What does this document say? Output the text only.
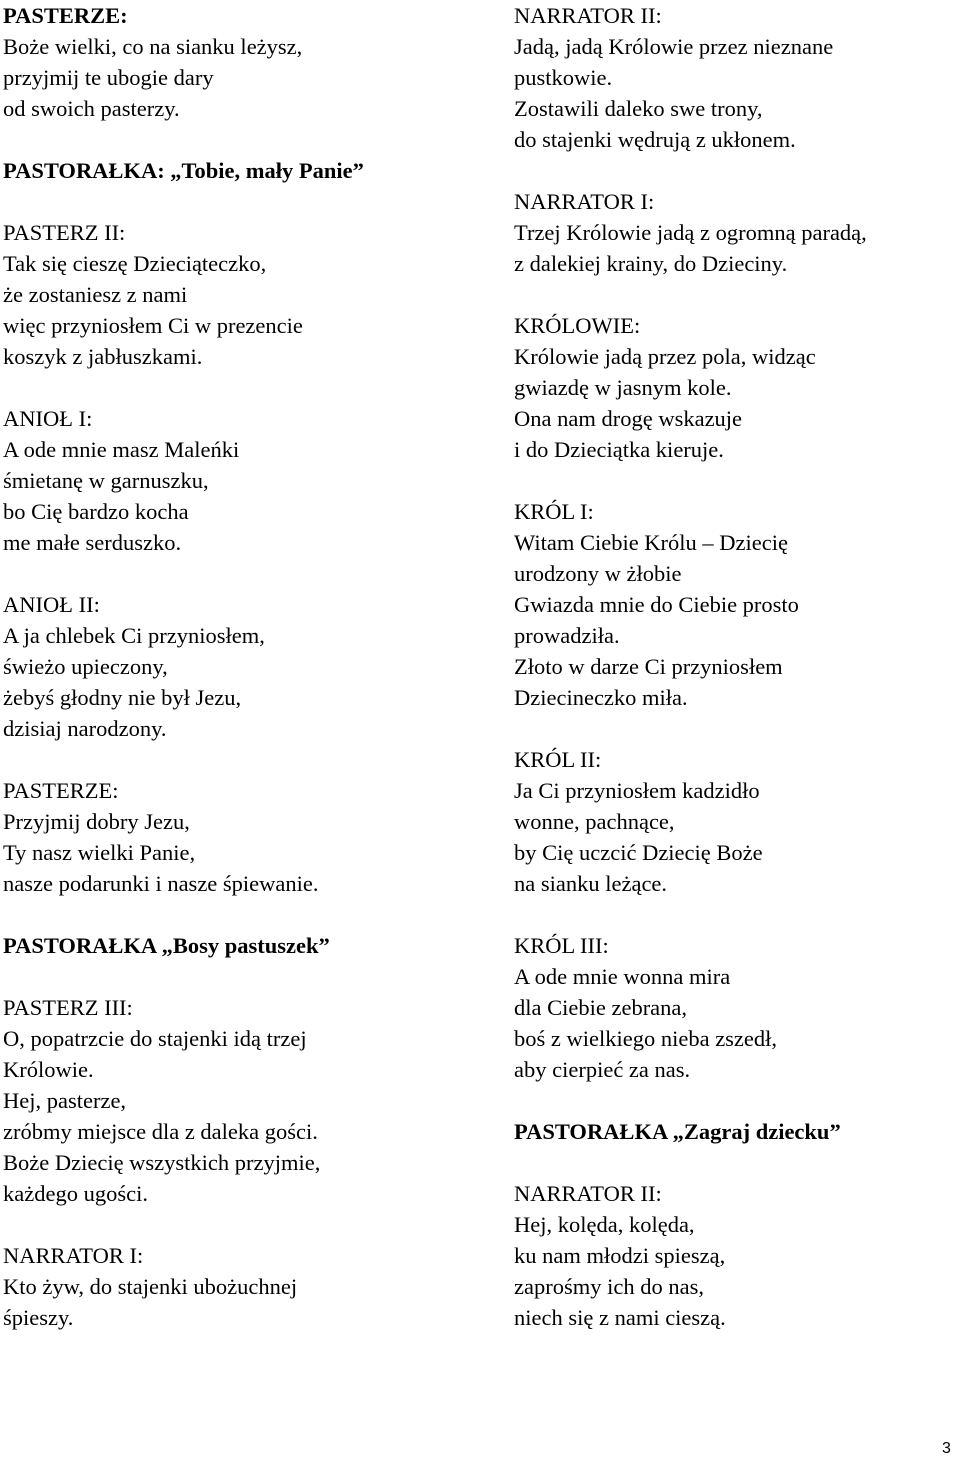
PASTERZE:
Boże wielki, co na sianku leżysz,
przyjmij te ubogie dary
od swoich pasterzy.
PASTORAŁKA: „Tobie, mały Panie”
PASTERZ II:
Tak się cieszę Dzieciąteczko,
że zostaniesz z nami
więc przyniosłem Ci w prezencie
koszyk z jabłuszkami.
ANIOŁ I:
A ode mnie masz Maleńki
śmietanę w garnuszku,
bo Cię bardzo kocha
me małe serduszko.
ANIOŁ II:
A ja chlebek Ci przyniosłem,
świeżo upieczony,
żebyś głodny nie był Jezu,
dzisiaj narodzony.
PASTERZE:
Przyjmij dobry Jezu,
Ty nasz wielki Panie,
nasze podarunki i nasze śpiewanie.
PASTORAŁKA „Bosy pastuszek”
PASTERZ III:
O, popatrzcie do stajenki idą trzej
Królowie.
Hej, pasterze,
zróbmy miejsce dla z daleka gości.
Boże Dziecię wszystkich przyjmie,
każdego ugości.
NARRATOR I:
Kto żyw, do stajenki ubożuchnej
śpieszy.
NARRATOR II:
Jadą, jadą Królowie przez nieznane
pustkowie.
Zostawili daleko swe trony,
do stajenki wędrują z ukłonem.
NARRATOR I:
Trzej Królowie jadą z ogromną paradą,
z dalekiej krainy, do Dzieciny.
KRÓLOWIE:
Królowie jadą przez pola, widząc
gwiazdę w jasnym kole.
Ona nam drogę wskazuje
i do Dzieciątka kieruje.
KRÓL I:
Witam Ciebie Królu – Dziecię
urodzony w żłobie
Gwiazda mnie do Ciebie prosto
prowadziła.
Złoto w darze Ci przyniosłem
Dziecineczko miła.
KRÓL II:
Ja Ci przyniosłem kadzidło
wonne, pachnące,
by Cię uczcić Dziecię Boże
na sianku leżące.
KRÓL III:
A ode mnie wonna mira
dla Ciebie zebrana,
boś z wielkiego nieba zszedł,
aby cierpieć za nas.
PASTORAŁKA „Zagraj dziecku”
NARRATOR II:
Hej, kolęda, kolęda,
ku nam młodzi spieszą,
zaprośmy ich do nas,
niech się z nami cieszą.
3
